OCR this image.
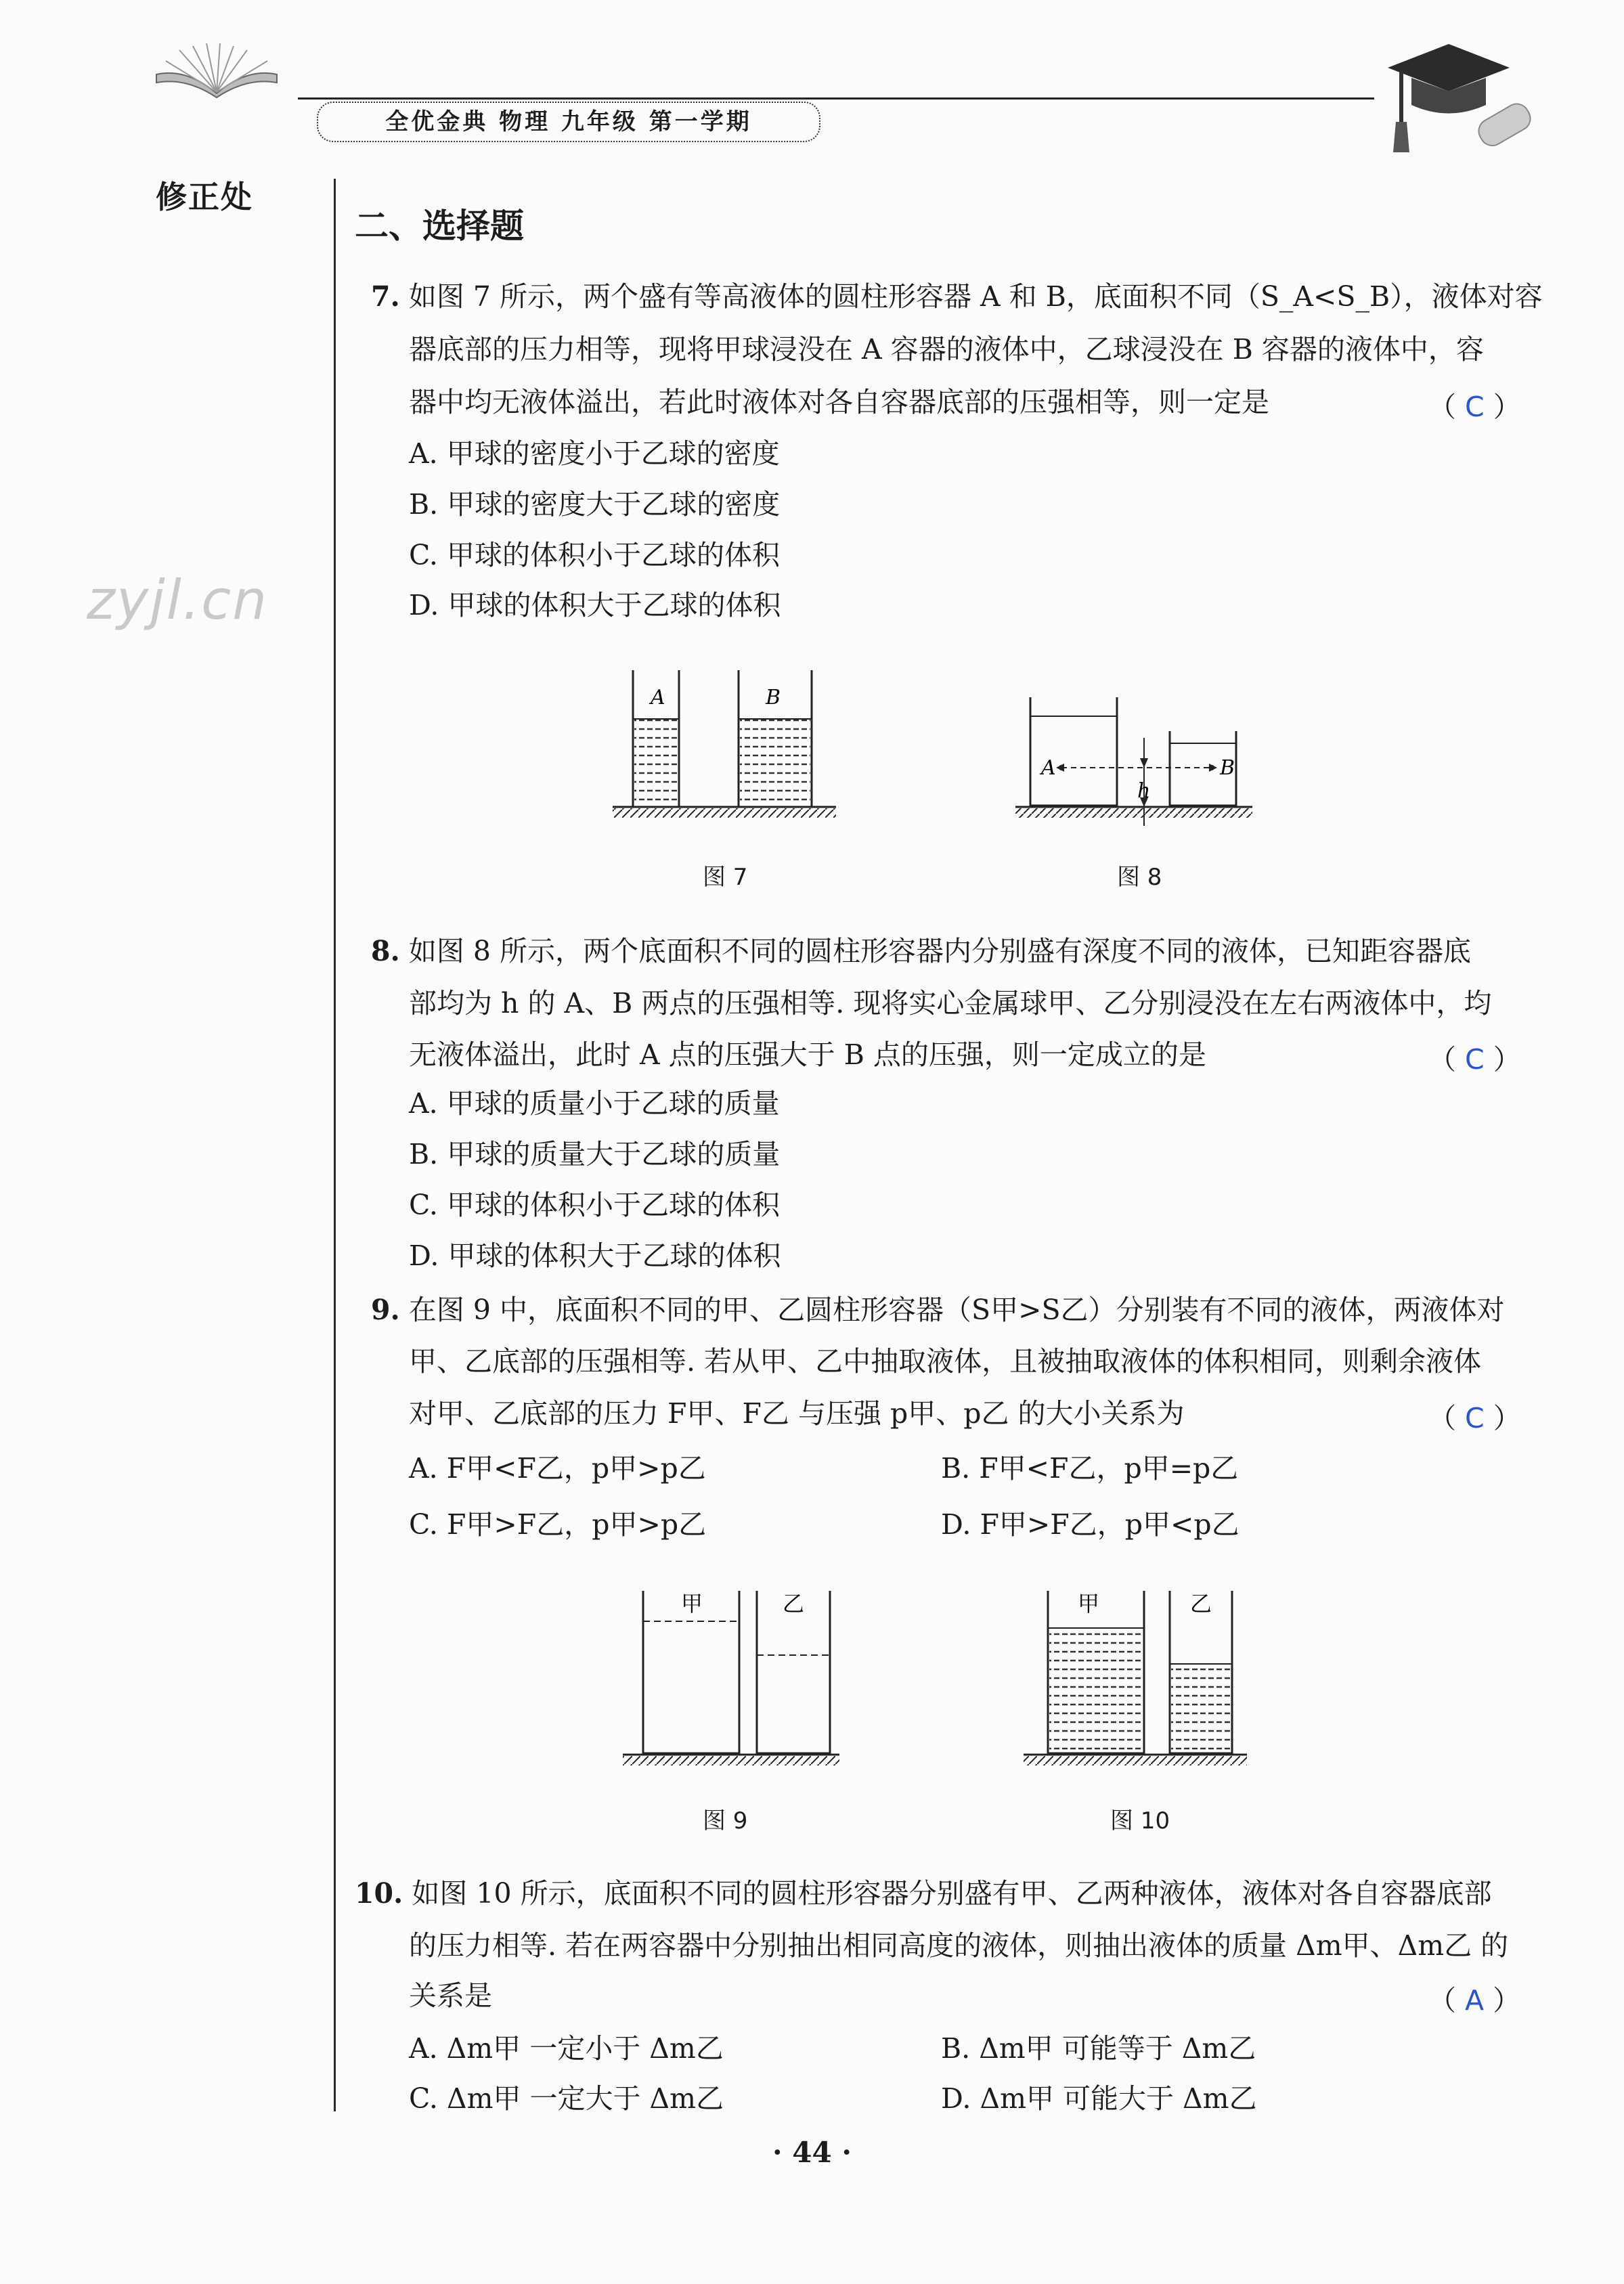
全优金典 物理 九年级 第一学期
修正处
zyjl.cn
二、选择题
7. 如图 7 所示，两个盛有等高液体的圆柱形容器 A 和 B，底面积不同（S_A<S_B），液体对容
器底部的压力相等，现将甲球浸没在 A 容器的液体中，乙球浸没在 B 容器的液体中，容
器中均无液体溢出，若此时液体对各自容器底部的压强相等，则一定是	（ C ）
A. 甲球的密度小于乙球的密度
B. 甲球的密度大于乙球的密度
C. 甲球的体积小于乙球的体积
D. 甲球的体积大于乙球的体积
A	B
图 7
A	B
h
图 8
8. 如图 8 所示，两个底面积不同的圆柱形容器内分别盛有深度不同的液体，已知距容器底
部均为 h 的 A、B 两点的压强相等. 现将实心金属球甲、乙分别浸没在左右两液体中，均
无液体溢出，此时 A 点的压强大于 B 点的压强，则一定成立的是	（ C ）
A. 甲球的质量小于乙球的质量
B. 甲球的质量大于乙球的质量
C. 甲球的体积小于乙球的体积
D. 甲球的体积大于乙球的体积
9. 在图 9 中，底面积不同的甲、乙圆柱形容器（S甲>S乙）分别装有不同的液体，两液体对
甲、乙底部的压强相等. 若从甲、乙中抽取液体，且被抽取液体的体积相同，则剩余液体
对甲、乙底部的压力 F甲、F乙 与压强 p甲、p乙 的大小关系为	（ C ）
A. F甲<F乙，p甲>p乙	B. F甲<F乙，p甲=p乙
C. F甲>F乙，p甲>p乙	D. F甲>F乙，p甲<p乙
甲	乙
图 9
甲	乙
图 10
10. 如图 10 所示，底面积不同的圆柱形容器分别盛有甲、乙两种液体，液体对各自容器底部
的压力相等. 若在两容器中分别抽出相同高度的液体，则抽出液体的质量 Δm甲、Δm乙 的
关系是	（ A ）
A. Δm甲 一定小于 Δm乙	B. Δm甲 可能等于 Δm乙
C. Δm甲 一定大于 Δm乙	D. Δm甲 可能大于 Δm乙
· 44 ·
